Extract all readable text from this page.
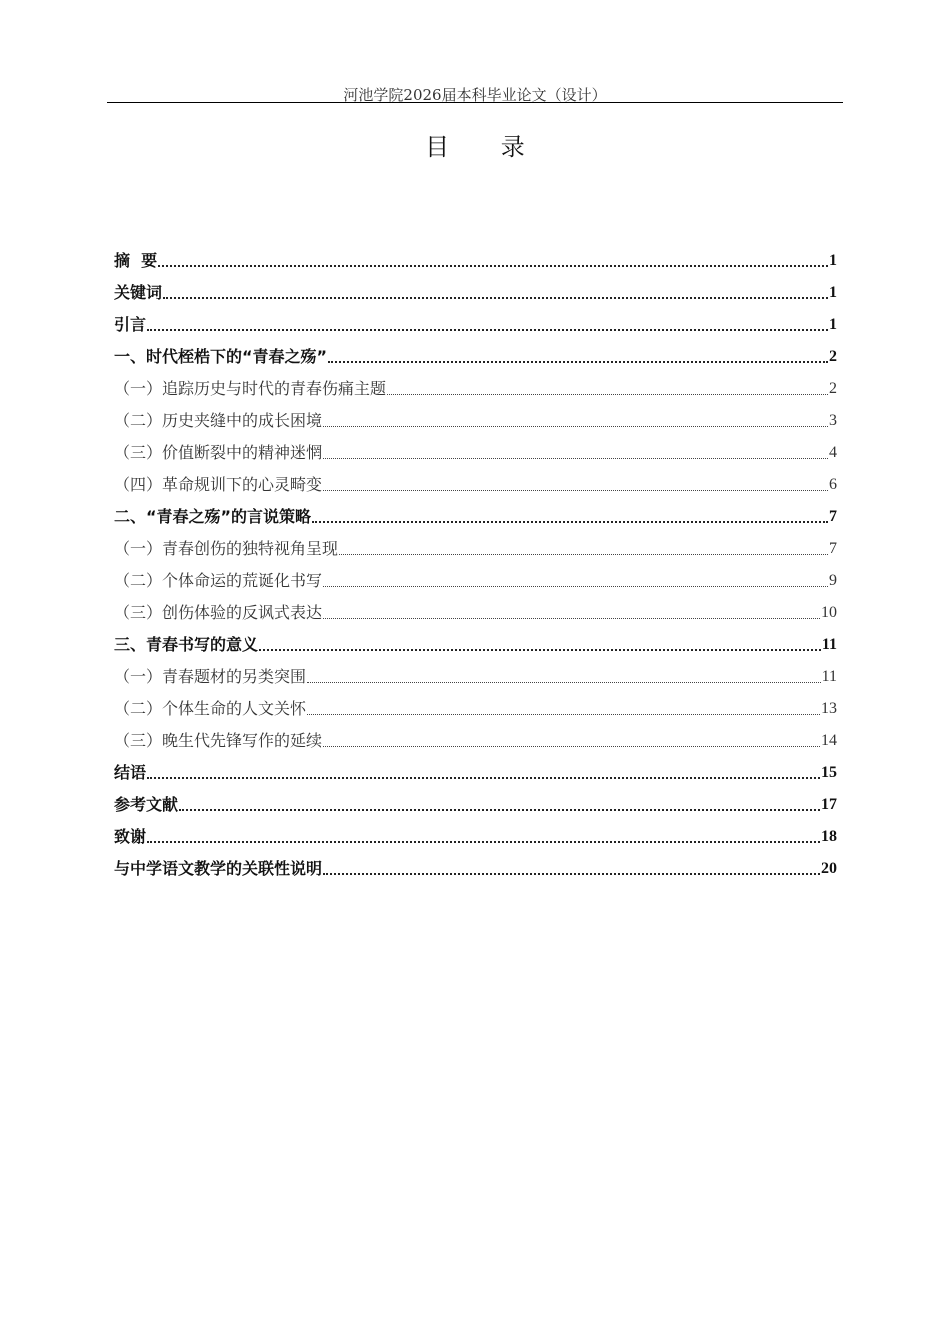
河池学院2026届本科毕业论文（设计）
目 录
摘  要	1
关键词	1
引言	1
一、时代桎梏下的“青春之殇”	2
（一）追踪历史与时代的青春伤痛主题	2
（二）历史夹缝中的成长困境	3
（三）价值断裂中的精神迷惘	4
（四）革命规训下的心灵畸变	6
二、“青春之殇”的言说策略	7
（一）青春创伤的独特视角呈现	7
（二）个体命运的荒诞化书写	9
（三）创伤体验的反讽式表达	10
三、青春书写的意义	11
（一）青春题材的另类突围	11
（二）个体生命的人文关怀	13
（三）晚生代先锋写作的延续	14
结语	15
参考文献	17
致谢	18
与中学语文教学的关联性说明	20
